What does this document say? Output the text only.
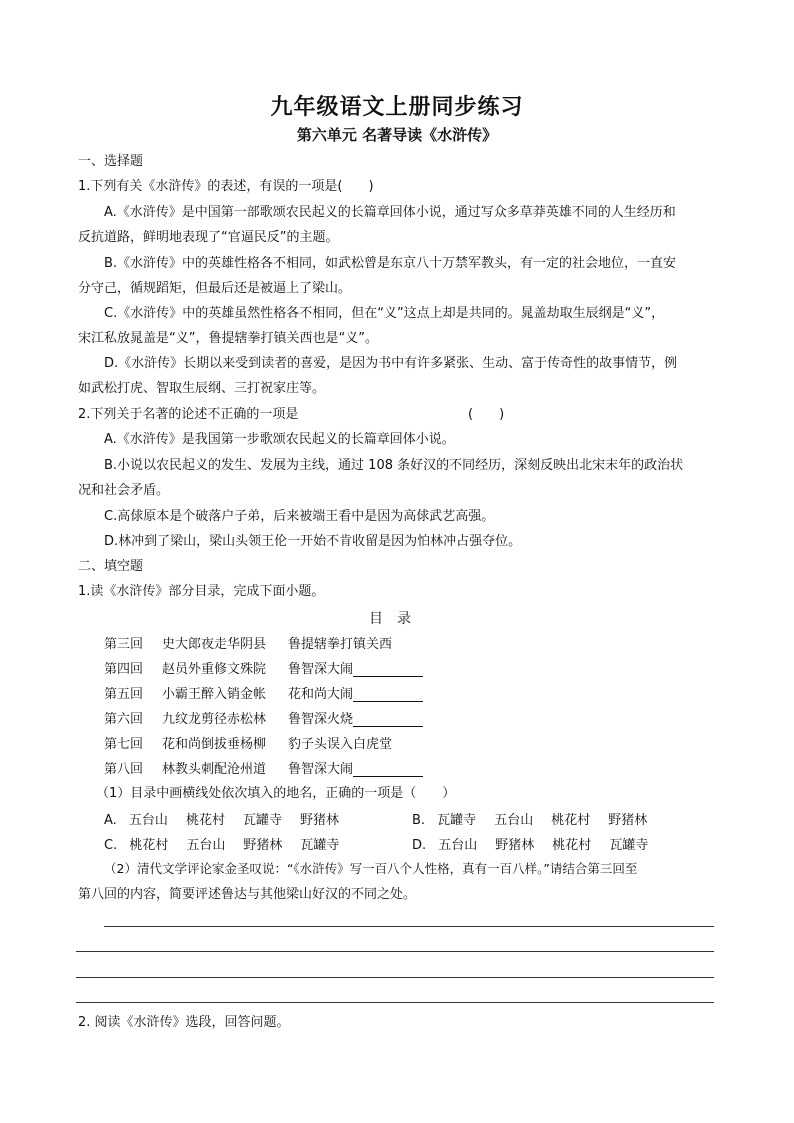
九年级语文上册同步练习
第六单元 名著导读《水浒传》
一、选择题
1.下列有关《水浒传》的表述，有误的一项是(　　)
A.《水浒传》是中国第一部歌颂农民起义的长篇章回体小说，通过写众多草莽英雄不同的人生经历和
反抗道路，鲜明地表现了“官逼民反”的主题。
B.《水浒传》中的英雄性格各不相同，如武松曾是东京八十万禁军教头，有一定的社会地位，一直安
分守己，循规蹈矩，但最后还是被逼上了梁山。
C.《水浒传》中的英雄虽然性格各不相同，但在“义”这点上却是共同的。晁盖劫取生辰纲是“义”，
宋江私放晁盖是“义”，鲁提辖拳打镇关西也是“义”。
D.《水浒传》长期以来受到读者的喜爱，是因为书中有许多紧张、生动、富于传奇性的故事情节，例
如武松打虎、智取生辰纲、三打祝家庄等。
2.下列关于名著的论述不正确的一项是	(　　)
A.《水浒传》是我国第一步歌颂农民起义的长篇章回体小说。
B.小说以农民起义的发生、发展为主线，通过 108 条好汉的不同经历，深刻反映出北宋末年的政治状
况和社会矛盾。
C.高俅原本是个破落户子弟，后来被端王看中是因为高俅武艺高强。
D.林冲到了梁山，梁山头领王伦一开始不肯收留是因为怕林冲占强夺位。
二、填空题
1.读《水浒传》部分目录，完成下面小题。
目录
第三回 史大郎夜走华阴县 鲁提辖拳打镇关西
第四回 赵员外重修文殊院 鲁智深大闹
第五回 小霸王醉入销金帐 花和尚大闹
第六回 九纹龙剪径赤松林 鲁智深火烧
第七回 花和尚倒拔垂杨柳 豹子头误入白虎堂
第八回 林教头刺配沧州道 鲁智深大闹
（1）目录中画横线处依次填入的地名，正确的一项是（　　）
A. 五台山 桃花村 瓦罐寺 野猪林	B. 瓦罐寺 五台山 桃花村 野猪林
C. 桃花村 五台山 野猪林 瓦罐寺	D. 五台山 野猪林 桃花村 瓦罐寺
（2）清代文学评论家金圣叹说：“《水浒传》写一百八个人性格，真有一百八样。”请结合第三回至
第八回的内容，简要评述鲁达与其他梁山好汉的不同之处。
2. 阅读《水浒传》选段，回答问题。
